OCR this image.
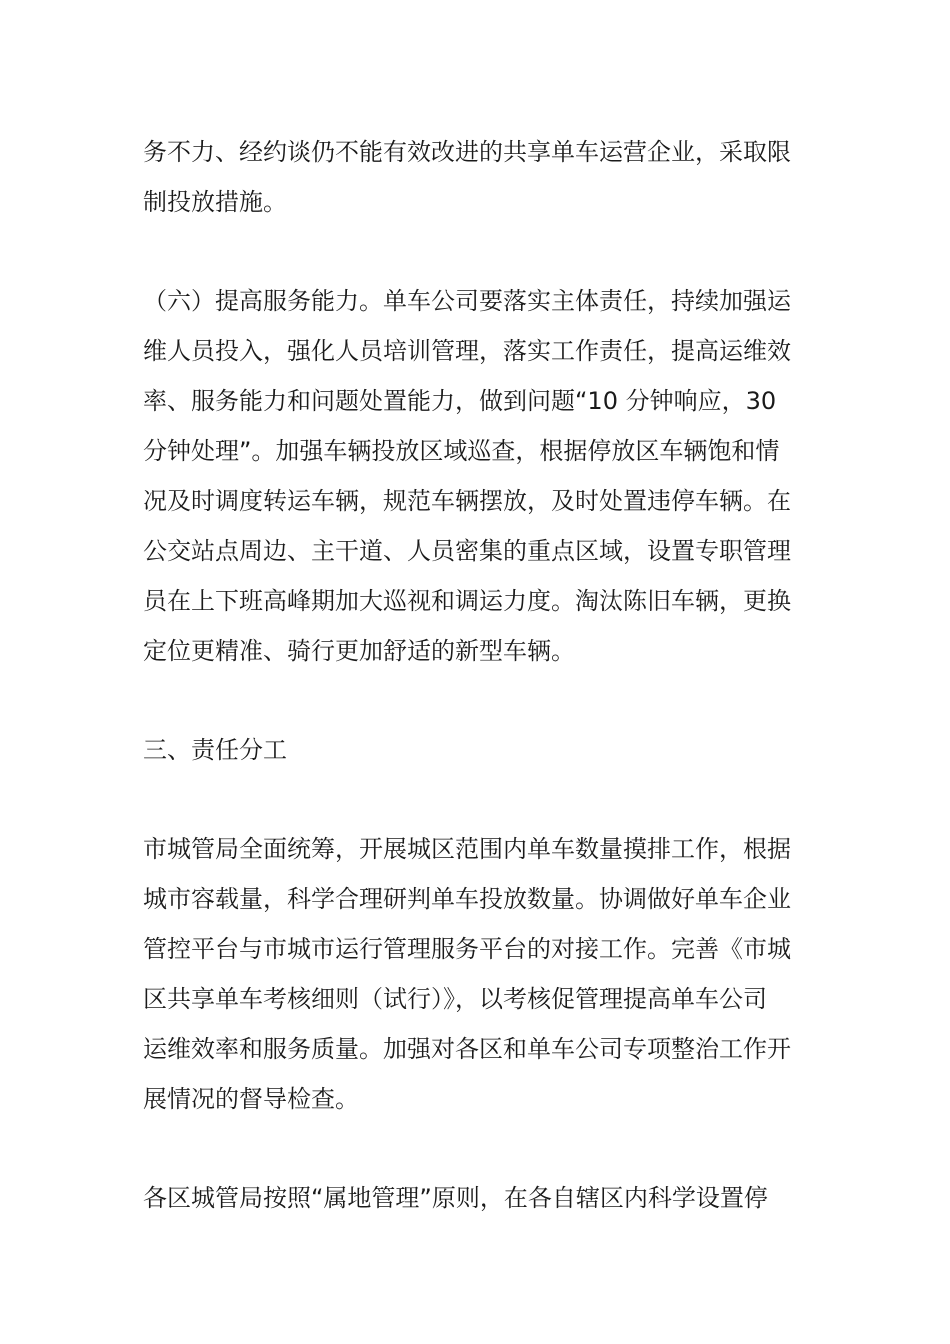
务不力、经约谈仍不能有效改进的共享单车运营企业，采取限
制投放措施。

（六）提高服务能力。单车公司要落实主体责任，持续加强运
维人员投入，强化人员培训管理，落实工作责任，提高运维效
率、服务能力和问题处置能力，做到问题“10 分钟响应，30
分钟处理”。加强车辆投放区域巡查，根据停放区车辆饱和情
况及时调度转运车辆，规范车辆摆放，及时处置违停车辆。在
公交站点周边、主干道、人员密集的重点区域，设置专职管理
员在上下班高峰期加大巡视和调运力度。淘汰陈旧车辆，更换
定位更精准、骑行更加舒适的新型车辆。

三、责任分工

市城管局全面统筹，开展城区范围内单车数量摸排工作，根据
城市容载量，科学合理研判单车投放数量。协调做好单车企业
管控平台与市城市运行管理服务平台的对接工作。完善《市城
区共享单车考核细则（试行）》，以考核促管理提高单车公司
运维效率和服务质量。加强对各区和单车公司专项整治工作开
展情况的督导检查。

各区城管局按照“属地管理”原则，在各自辖区内科学设置停
